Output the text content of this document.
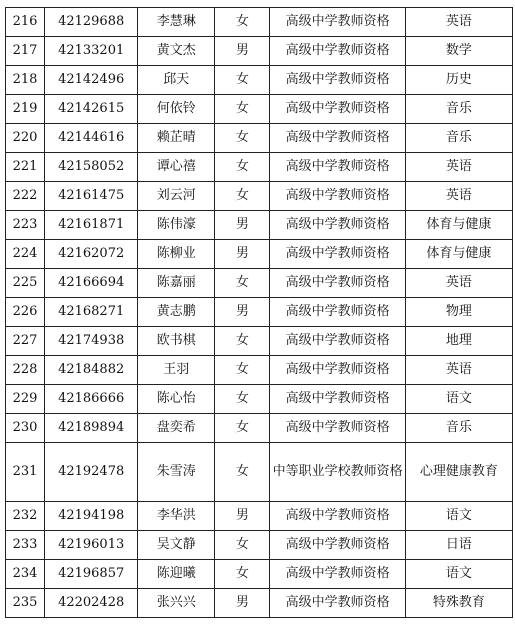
216	42129688	李慧琳	女	高级中学教师资格	英语
217	42133201	黄文杰	男	高级中学教师资格	数学
218	42142496	邱天	女	高级中学教师资格	历史
219	42142615	何依铃	女	高级中学教师资格	音乐
220	42144616	赖芷晴	女	高级中学教师资格	音乐
221	42158052	谭心禧	女	高级中学教师资格	英语
222	42161475	刘云河	女	高级中学教师资格	英语
223	42161871	陈伟濠	男	高级中学教师资格	体育与健康
224	42162072	陈柳业	男	高级中学教师资格	体育与健康
225	42166694	陈嘉丽	女	高级中学教师资格	英语
226	42168271	黄志鹏	男	高级中学教师资格	物理
227	42174938	欧书棋	女	高级中学教师资格	地理
228	42184882	王羽	女	高级中学教师资格	英语
229	42186666	陈心怡	女	高级中学教师资格	语文
230	42189894	盘奕希	女	高级中学教师资格	音乐
231	42192478	朱雪涛	女	中等职业学校教师资格	心理健康教育
232	42194198	李华洪	男	高级中学教师资格	语文
233	42196013	吴文静	女	高级中学教师资格	日语
234	42196857	陈迎曦	女	高级中学教师资格	语文
235	42202428	张兴兴	男	高级中学教师资格	特殊教育
